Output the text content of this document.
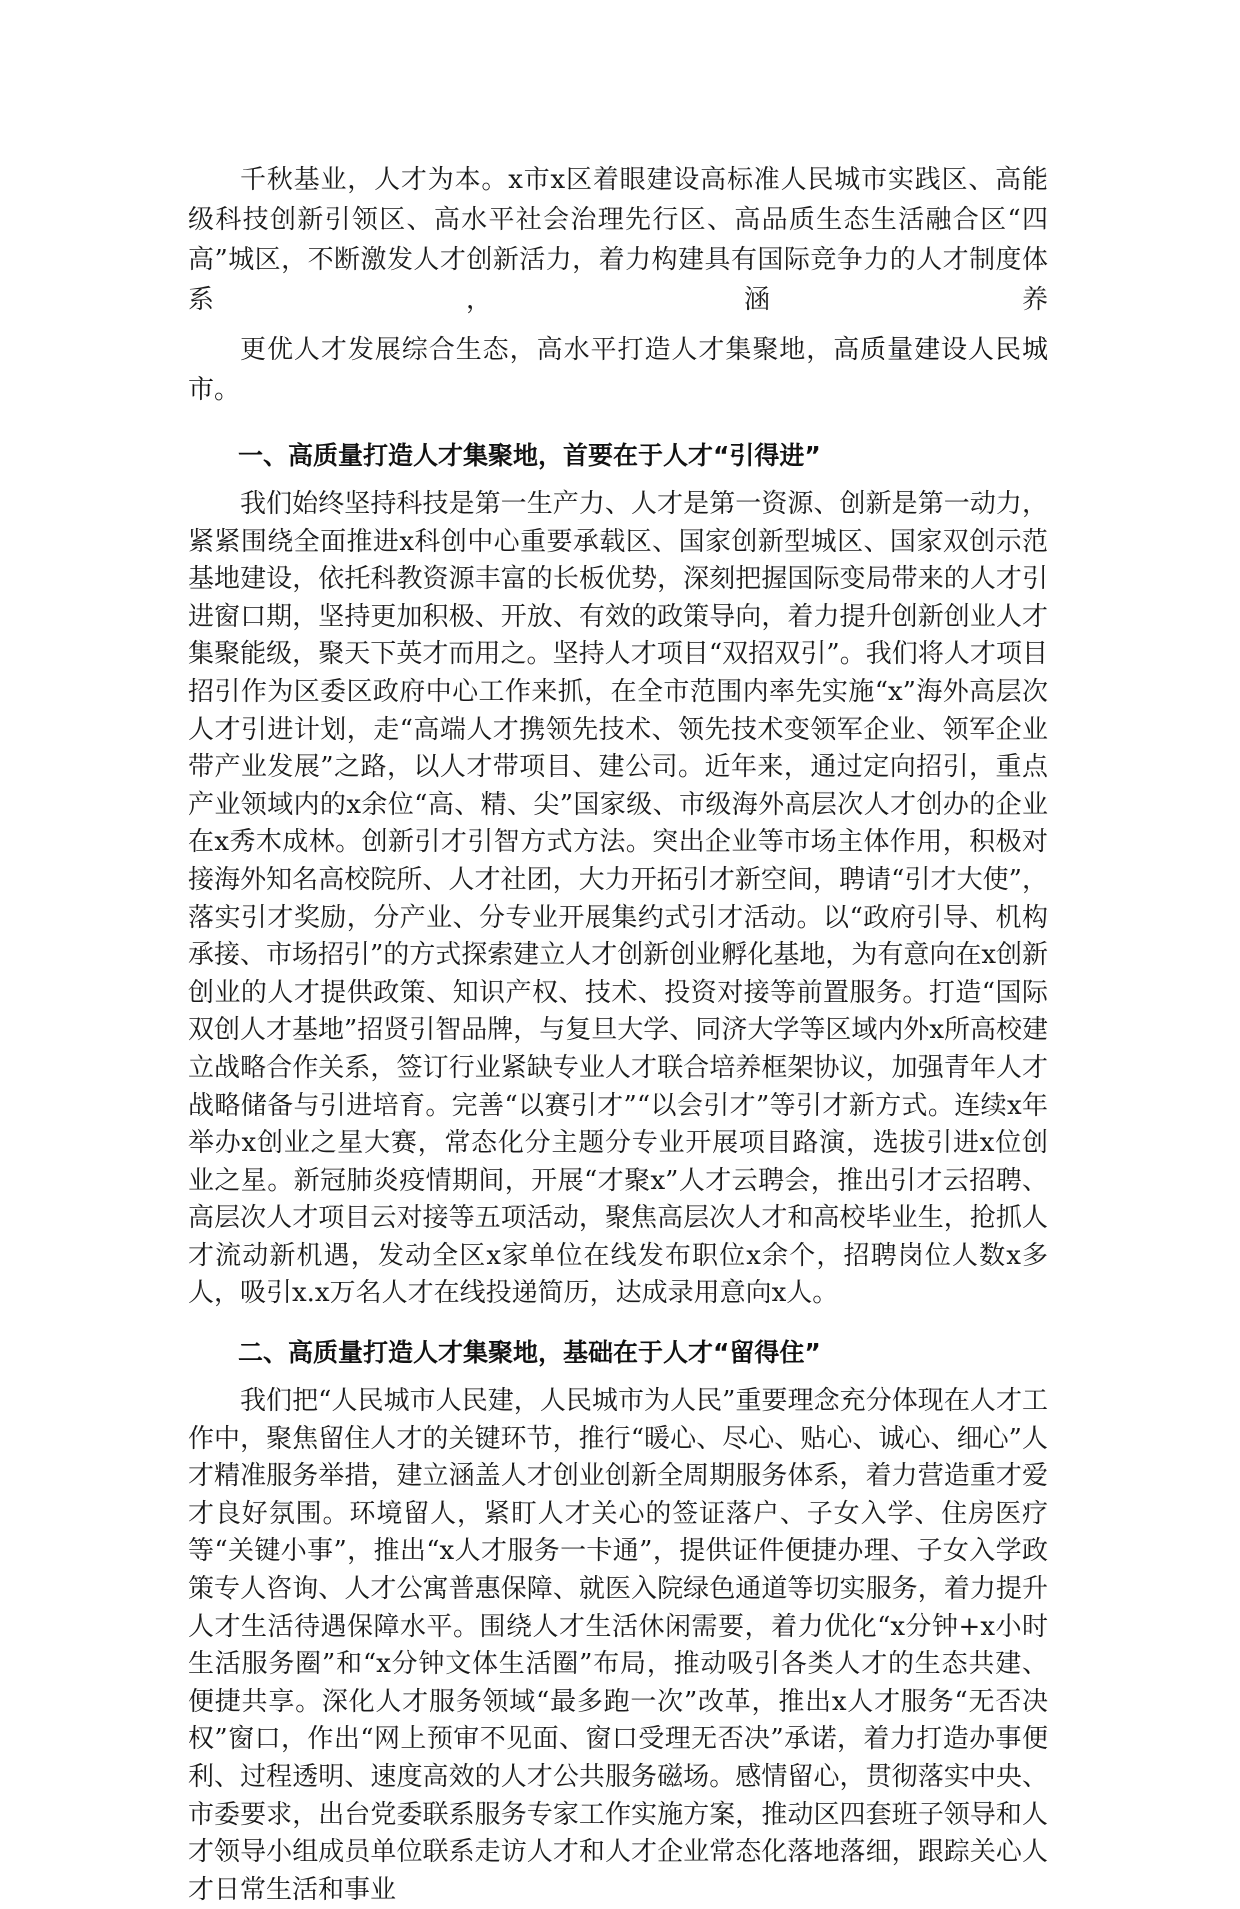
千秋基业，人才为本。x市x区着眼建设高标准人民城市实践区、高能级科技创新引领区、高水平社会治理先行区、高品质生态生活融合区“四高”城区，不断激发人才创新活力，着力构建具有国际竞争力的人才制度体系，涵养更优人才发展综合生态，高水平打造人才集聚地，高质量建设人民城市。

一、高质量打造人才集聚地，首要在于人才“引得进”

我们始终坚持科技是第一生产力、人才是第一资源、创新是第一动力，紧紧围绕全面推进x科创中心重要承载区、国家创新型城区、国家双创示范基地建设，依托科教资源丰富的长板优势，深刻把握国际变局带来的人才引进窗口期，坚持更加积极、开放、有效的政策导向，着力提升创新创业人才集聚能级，聚天下英才而用之。坚持人才项目“双招双引”。我们将人才项目招引作为区委区政府中心工作来抓，在全市范围内率先实施“x”海外高层次人才引进计划，走“高端人才携领先技术、领先技术变领军企业、领军企业带产业发展”之路，以人才带项目、建公司。近年来，通过定向招引，重点产业领域内的x余位“高、精、尖”国家级、市级海外高层次人才创办的企业在x秀木成林。创新引才引智方式方法。突出企业等市场主体作用，积极对接海外知名高校院所、人才社团，大力开拓引才新空间，聘请“引才大使”，落实引才奖励，分产业、分专业开展集约式引才活动。以“政府引导、机构承接、市场招引”的方式探索建立人才创新创业孵化基地，为有意向在x创新创业的人才提供政策、知识产权、技术、投资对接等前置服务。打造“国际双创人才基地”招贤引智品牌，与复旦大学、同济大学等区域内外x所高校建立战略合作关系，签订行业紧缺专业人才联合培养框架协议，加强青年人才战略储备与引进培育。完善“以赛引才”“以会引才”等引才新方式。连续x年举办x创业之星大赛，常态化分主题分专业开展项目路演，选拔引进x位创业之星。新冠肺炎疫情期间，开展“才聚x”人才云聘会，推出引才云招聘、高层次人才项目云对接等五项活动，聚焦高层次人才和高校毕业生，抢抓人才流动新机遇，发动全区x家单位在线发布职位x余个，招聘岗位人数x多人，吸引x.x万名人才在线投递简历，达成录用意向x人。

二、高质量打造人才集聚地，基础在于人才“留得住”

我们把“人民城市人民建，人民城市为人民”重要理念充分体现在人才工作中，聚焦留住人才的关键环节，推行“暖心、尽心、贴心、诚心、细心”人才精准服务举措，建立涵盖人才创业创新全周期服务体系，着力营造重才爱才良好氛围。环境留人，紧盯人才关心的签证落户、子女入学、住房医疗等“关键小事”，推出“x人才服务一卡通”，提供证件便捷办理、子女入学政策专人咨询、人才公寓普惠保障、就医入院绿色通道等切实服务，着力提升人才生活待遇保障水平。围绕人才生活休闲需要，着力优化“x分钟+x小时生活服务圈”和“x分钟文体生活圈”布局，推动吸引各类人才的生态共建、便捷共享。深化人才服务领域“最多跑一次”改革，推出x人才服务“无否决权”窗口，作出“网上预审不见面、窗口受理无否决”承诺，着力打造办事便利、过程透明、速度高效的人才公共服务磁场。感情留心，贯彻落实中央、市委要求，出台党委联系服务专家工作实施方案，推动区四套班子领导和人才领导小组成员单位联系走访人才和人才企业常态化落地落细，跟踪关心人才日常生活和事业
